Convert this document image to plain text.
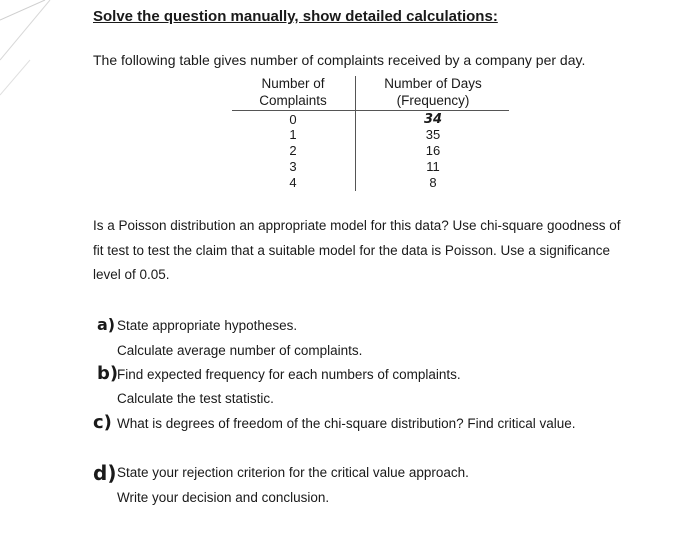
Solve the question manually, show detailed calculations:
The following table gives number of complaints received by a company per day.
Number of
Complaints
Number of Days
(Frequency)
0
1
2
3
4
34
35
16
11
8
Is a Poisson distribution an appropriate model for this data? Use chi-square goodness of
fit test to test the claim that a suitable model for the data is Poisson. Use a significance
level of 0.05.
a) State appropriate hypotheses.
Calculate average number of complaints.
b)
Find expected frequency for each numbers of complaints.
Calculate the test statistic.
c) What is degrees of freedom of the chi-square distribution? Find critical value.
d) State your rejection criterion for the critical value approach.
Write your decision and conclusion.
